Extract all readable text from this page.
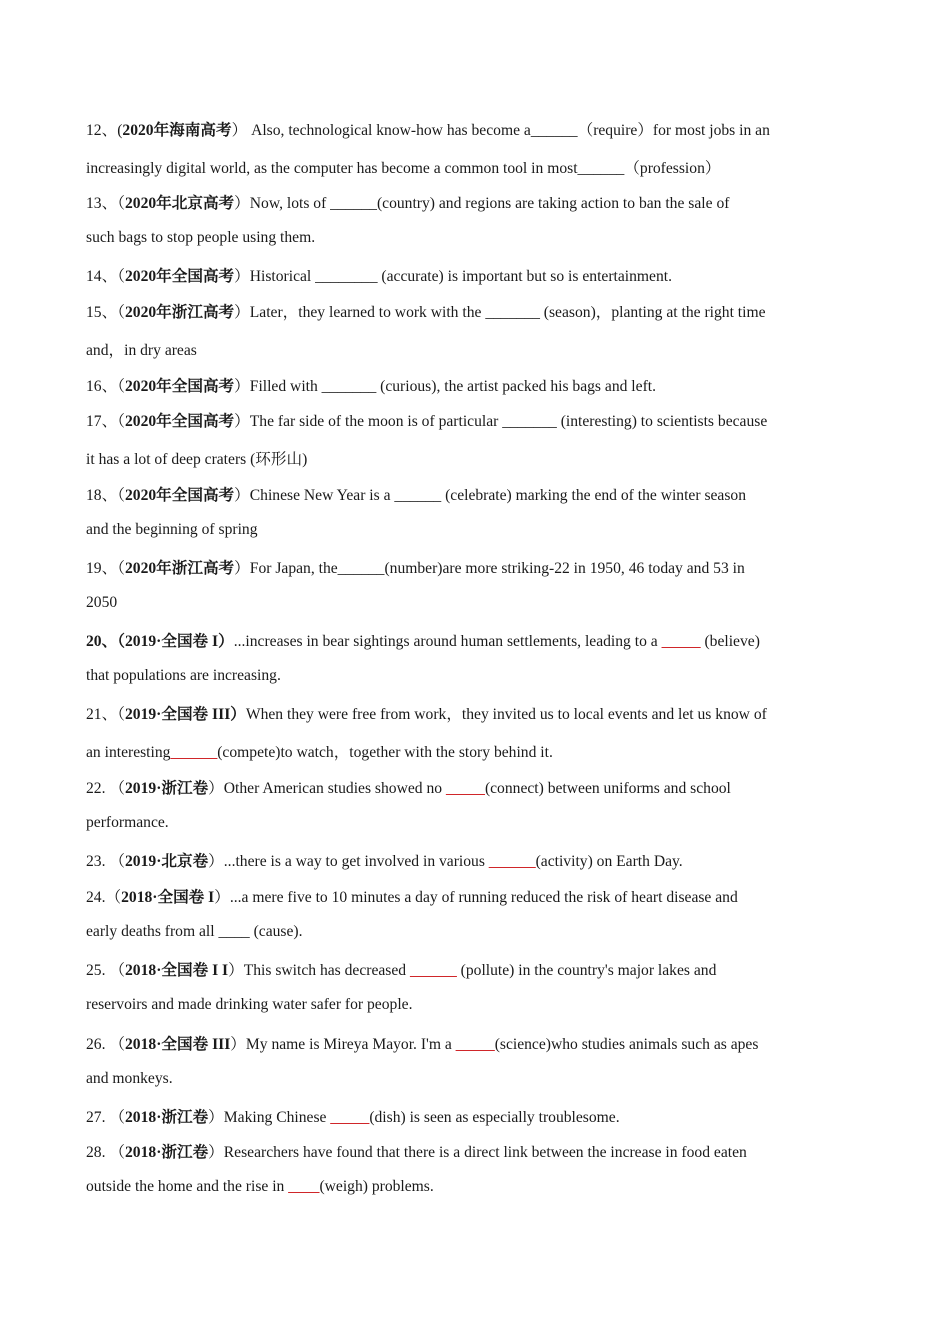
12、(2020年海南高考） Also, technological know-how has become a______（require）for most jobs in an
increasingly digital world, as the computer has become a common tool in most______（profession）
13、（2020年北京高考）Now, lots of ______(country) and regions are taking action to ban the sale of
such bags to stop people using them.
14、（2020年全国高考）Historical ________ (accurate) is important but so is entertainment.
15、（2020年浙江高考）Later，they learned to work with the _______ (season)，planting at the right time
and，in dry areas
16、（2020年全国高考）Filled with _______ (curious), the artist packed his bags and left.
17、（2020年全国高考）The far side of the moon is of particular _______ (interesting) to scientists because
it has a lot of deep craters (环形山)
18、（2020年全国高考）Chinese New Year is a ______ (celebrate) marking the end of the winter season
and the beginning of spring
19、（2020年浙江高考）For Japan, the______(number)are more striking-22 in 1950, 46 today and 53 in
2050
20、（2019·全国卷 I）...increases in bear sightings around human settlements, leading to a _____ (believe)
that populations are increasing.
21、（2019·全国卷 III）When they were free from work，they invited us to local events and let us know of
an interesting______(compete)to watch，together with the story behind it.
22. （2019·浙江卷）Other American studies showed no _____(connect) between uniforms and school
performance.
23. （2019·北京卷）...there is a way to get involved in various ______(activity) on Earth Day.
24.（2018·全国卷 I）...a mere five to 10 minutes a day of running reduced the risk of heart disease and
early deaths from all ____ (cause).
25. （2018·全国卷 I I）This switch has decreased ______ (pollute) in the country's major lakes and
reservoirs and made drinking water safer for people.
26. （2018·全国卷 III）My name is Mireya Mayor. I'm a _____(science)who studies animals such as apes
and monkeys.
27. （2018·浙江卷）Making Chinese _____(dish) is seen as especially troublesome.
28. （2018·浙江卷）Researchers have found that there is a direct link between the increase in food eaten
outside the home and the rise in ____(weigh) problems.
